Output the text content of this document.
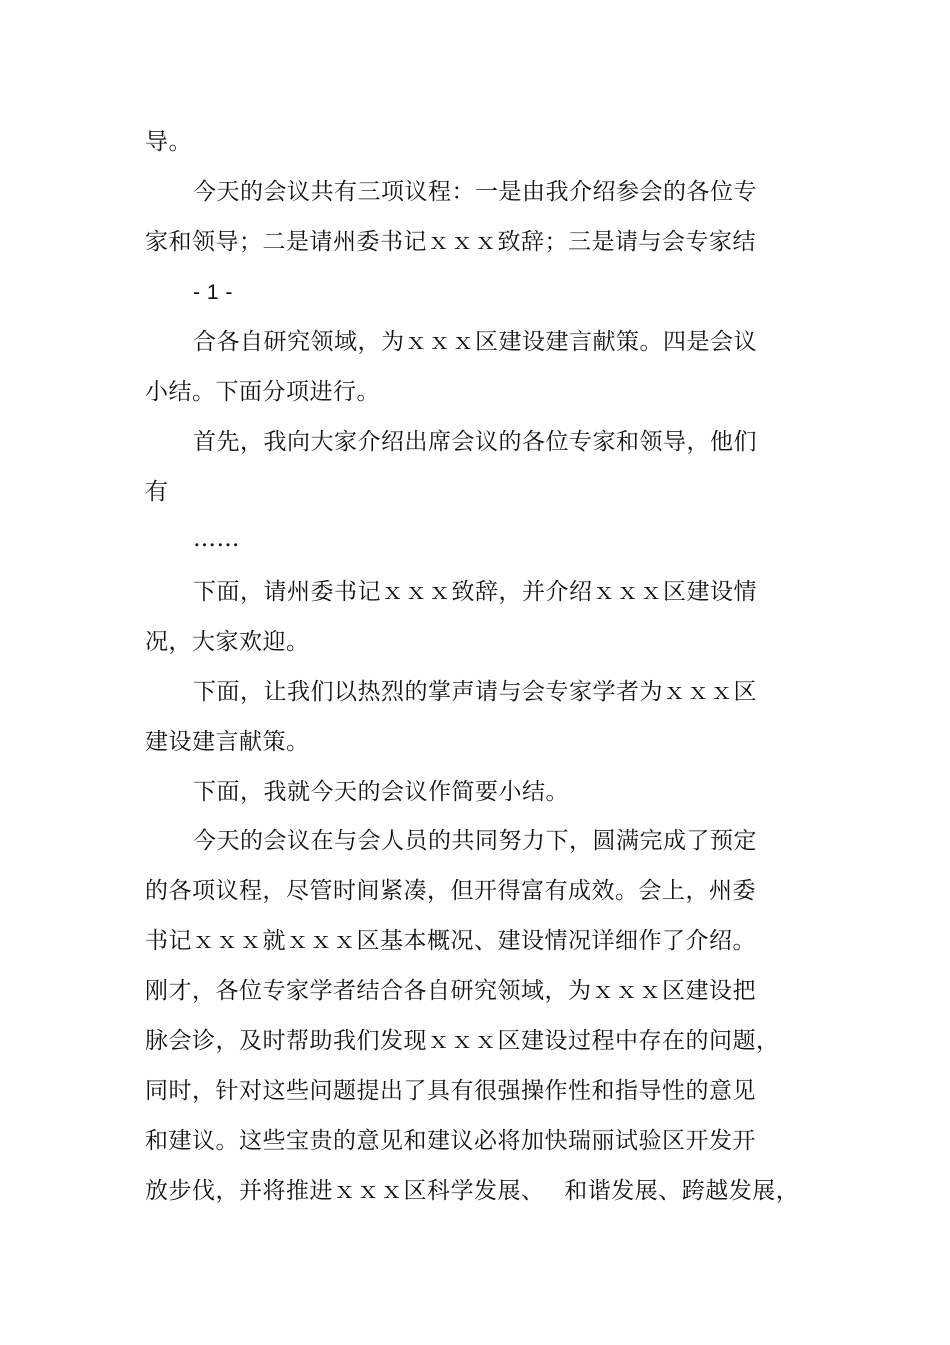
导。
今天的会议共有三项议程：一是由我介绍参会的各位专
家和领导；二是请州委书记ｘｘｘ致辞；三是请与会专家结
- 1 -
合各自研究领域，为ｘｘｘ区建设建言献策。四是会议
小结。下面分项进行。
首先，我向大家介绍出席会议的各位专家和领导，他们
有
……
下面，请州委书记ｘｘｘ致辞，并介绍ｘｘｘ区建设情
况，大家欢迎。
下面，让我们以热烈的掌声请与会专家学者为ｘｘｘ区
建设建言献策。
下面，我就今天的会议作简要小结。
今天的会议在与会人员的共同努力下，圆满完成了预定
的各项议程，尽管时间紧凑，但开得富有成效。会上，州委
书记ｘｘｘ就ｘｘｘ区基本概况、建设情况详细作了介绍。
刚才，各位专家学者结合各自研究领域，为ｘｘｘ区建设把
脉会诊，及时帮助我们发现ｘｘｘ区建设过程中存在的问题，
同时，针对这些问题提出了具有很强操作性和指导性的意见
和建议。这些宝贵的意见和建议必将加快瑞丽试验区开发开
放步伐，并将推进ｘｘｘ区科学发展、　 和谐发展、跨越发展，
